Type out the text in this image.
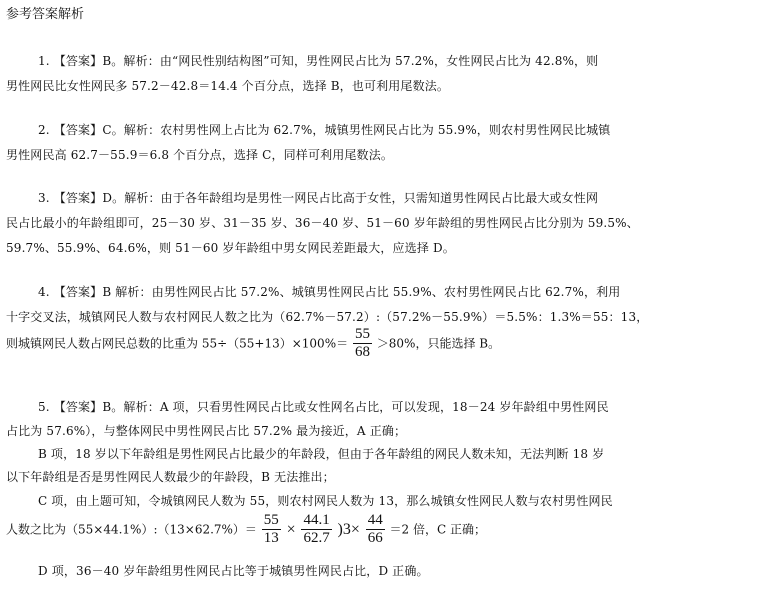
参考答案解析
1. 【答案】B。解析：由“网民性别结构图”可知，男性网民占比为 57.2%，女性网民占比为 42.8%，则
男性网民比女性网民多 57.2－42.8＝14.4 个百分点，选择 B，也可利用尾数法。
2. 【答案】C。解析：农村男性网上占比为 62.7%，城镇男性网民占比为 55.9%，则农村男性网民比城镇
男性网民高 62.7－55.9＝6.8 个百分点，选择 C，同样可利用尾数法。
3. 【答案】D。解析：由于各年龄组均是男性一网民占比高于女性，只需知道男性网民占比最大或女性网
民占比最小的年龄组即可，25－30 岁、31－35 岁、36－40 岁、51－60 岁年龄组的男性网民占比分别为 59.5%、
59.7%、55.9%、64.6%，则 51－60 岁年龄组中男女网民差距最大，应选择 D。
4. 【答案】B 解析：由男性网民占比 57.2%、城镇男性网民占比 55.9%、农村男性网民占比 62.7%，利用
十字交叉法，城镇网民人数与农村网民人数之比为（62.7%－57.2）:（57.2%－55.9%）＝5.5%：1.3%＝55：13，
则城镇网民人数占网民总数的比重为 $55\div(55+13)\times 100\%= \frac{55}{68} >80\%$，只能选择 B。
5. 【答案】B。解析：A 项，只看男性网民占比或女性网名占比，可以发现，18－24 岁年龄组中男性网民
占比为 57.6%），与整体网民中男性网民占比 57.2% 最为接近，A 正确；
B 项，18 岁以下年龄组是男性网民占比最少的年龄段，但由于各年龄组的网民人数未知，无法判断 18 岁
以下年龄组是否是男性网民人数最少的年龄段，B 无法推出；
C 项，由上题可知，令城镇网民人数为 55，则农村网民人数为 13，那么城镇女性网民人数与农村男性网民
人数之比为（55×44.1%）:（13×62.7%）＝ $\frac{55}{13} \times \frac{44.1}{62.7} )3\times \frac{44}{66} =2$ 倍，C 正确；
D 项，36－40 岁年龄组男性网民占比等于城镇男性网民占比，D 正确。
